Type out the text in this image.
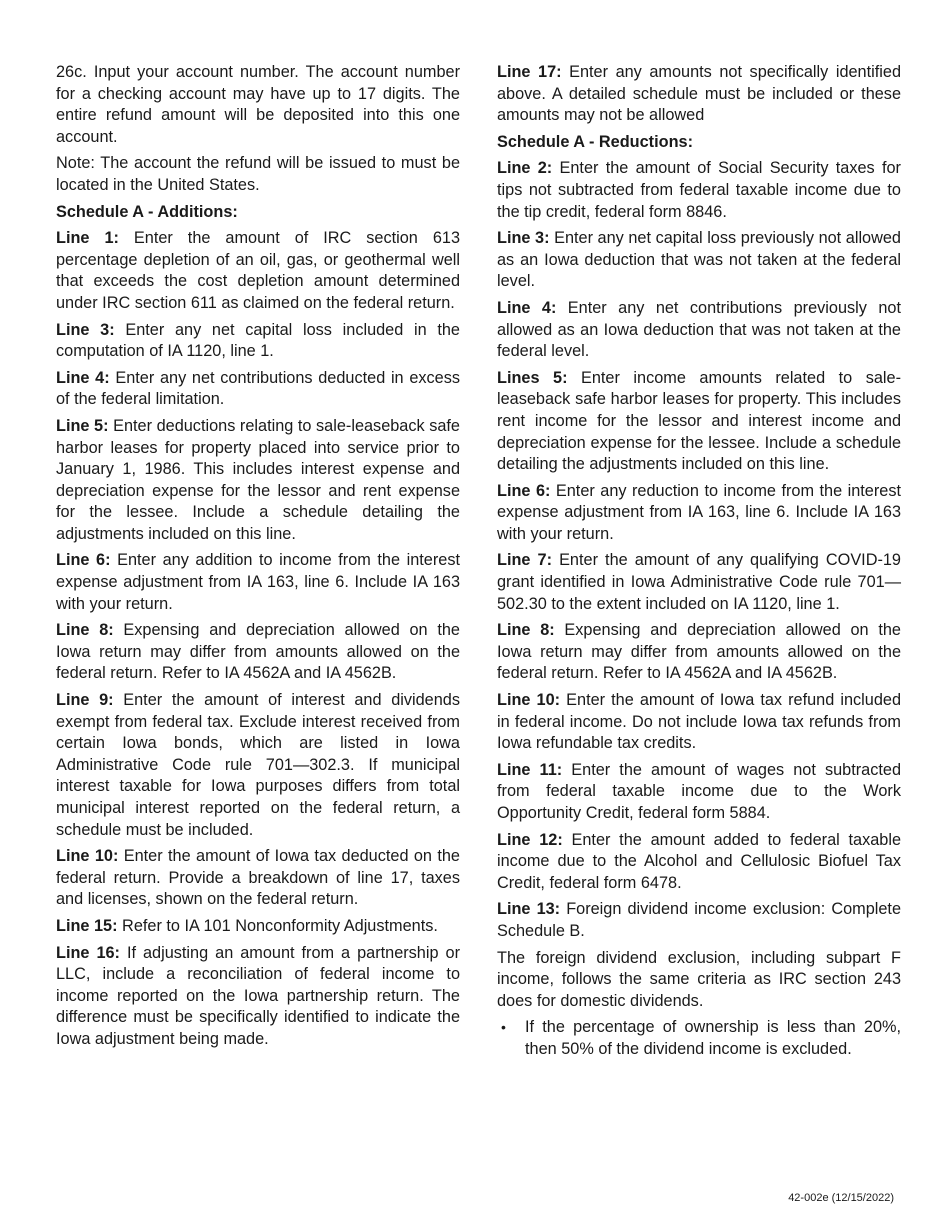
26c. Input your account number. The account number for a checking account may have up to 17 digits. The entire refund amount will be deposited into this one account.

Note: The account the refund will be issued to must be located in the United States.

Schedule A - Additions:

Line 1: Enter the amount of IRC section 613 percentage depletion of an oil, gas, or geothermal well that exceeds the cost depletion amount determined under IRC section 611 as claimed on the federal return.

Line 3: Enter any net capital loss included in the computation of IA 1120, line 1.

Line 4: Enter any net contributions deducted in excess of the federal limitation.

Line 5: Enter deductions relating to sale-leaseback safe harbor leases for property placed into service prior to January 1, 1986. This includes interest expense and depreciation expense for the lessor and rent expense for the lessee. Include a schedule detailing the adjustments included on this line.

Line 6: Enter any addition to income from the interest expense adjustment from IA 163, line 6. Include IA 163 with your return.

Line 8: Expensing and depreciation allowed on the Iowa return may differ from amounts allowed on the federal return. Refer to IA 4562A and IA 4562B.

Line 9: Enter the amount of interest and dividends exempt from federal tax. Exclude interest received from certain Iowa bonds, which are listed in Iowa Administrative Code rule 701—302.3. If municipal interest taxable for Iowa purposes differs from total municipal interest reported on the federal return, a schedule must be included.

Line 10: Enter the amount of Iowa tax deducted on the federal return. Provide a breakdown of line 17, taxes and licenses, shown on the federal return.

Line 15: Refer to IA 101 Nonconformity Adjustments.

Line 16: If adjusting an amount from a partnership or LLC, include a reconciliation of federal income to income reported on the Iowa partnership return. The difference must be specifically identified to indicate the Iowa adjustment being made.

Line 17: Enter any amounts not specifically identified above. A detailed schedule must be included or these amounts may not be allowed

Schedule A - Reductions:

Line 2: Enter the amount of Social Security taxes for tips not subtracted from federal taxable income due to the tip credit, federal form 8846.

Line 3: Enter any net capital loss previously not allowed as an Iowa deduction that was not taken at the federal level.

Line 4: Enter any net contributions previously not allowed as an Iowa deduction that was not taken at the federal level.

Lines 5: Enter income amounts related to sale-leaseback safe harbor leases for property. This includes rent income for the lessor and interest income and depreciation expense for the lessee. Include a schedule detailing the adjustments included on this line.

Line 6: Enter any reduction to income from the interest expense adjustment from IA 163, line 6. Include IA 163 with your return.

Line 7: Enter the amount of any qualifying COVID-19 grant identified in Iowa Administrative Code rule 701—502.30 to the extent included on IA 1120, line 1.

Line 8: Expensing and depreciation allowed on the Iowa return may differ from amounts allowed on the federal return. Refer to IA 4562A and IA 4562B.

Line 10: Enter the amount of Iowa tax refund included in federal income. Do not include Iowa tax refunds from Iowa refundable tax credits.

Line 11: Enter the amount of wages not subtracted from federal taxable income due to the Work Opportunity Credit, federal form 5884.

Line 12: Enter the amount added to federal taxable income due to the Alcohol and Cellulosic Biofuel Tax Credit, federal form 6478.

Line 13: Foreign dividend income exclusion: Complete Schedule B.

The foreign dividend exclusion, including subpart F income, follows the same criteria as IRC section 243 does for domestic dividends.

• If the percentage of ownership is less than 20%, then 50% of the dividend income is excluded.
42-002e (12/15/2022)
